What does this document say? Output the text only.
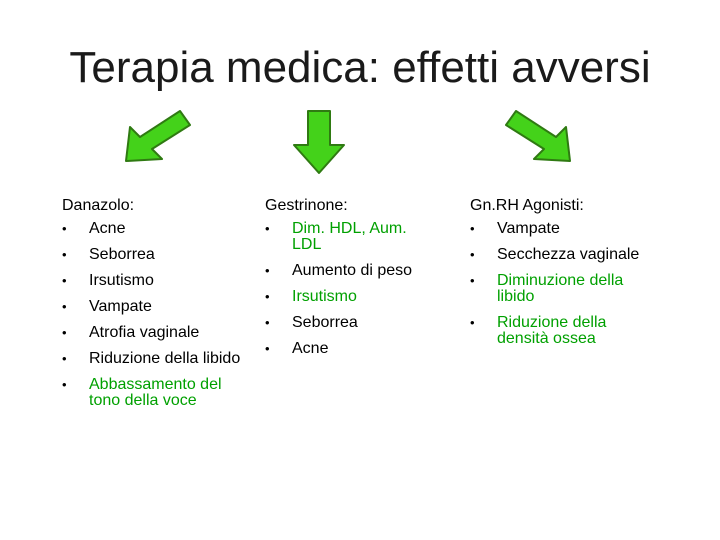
Terapia medica: effetti avversi
Danazolo:
• Acne
• Seborrea
• Irsutismo
• Vampate
• Atrofia vaginale
• Riduzione della libido
• Abbassamento del tono della voce
Gestrinone:
• Dim. HDL, Aum. LDL
• Aumento di peso
• Irsutismo
• Seborrea
• Acne
Gn.RH Agonisti:
• Vampate
• Secchezza vaginale
• Diminuzione della libido
• Riduzione della densità ossea
